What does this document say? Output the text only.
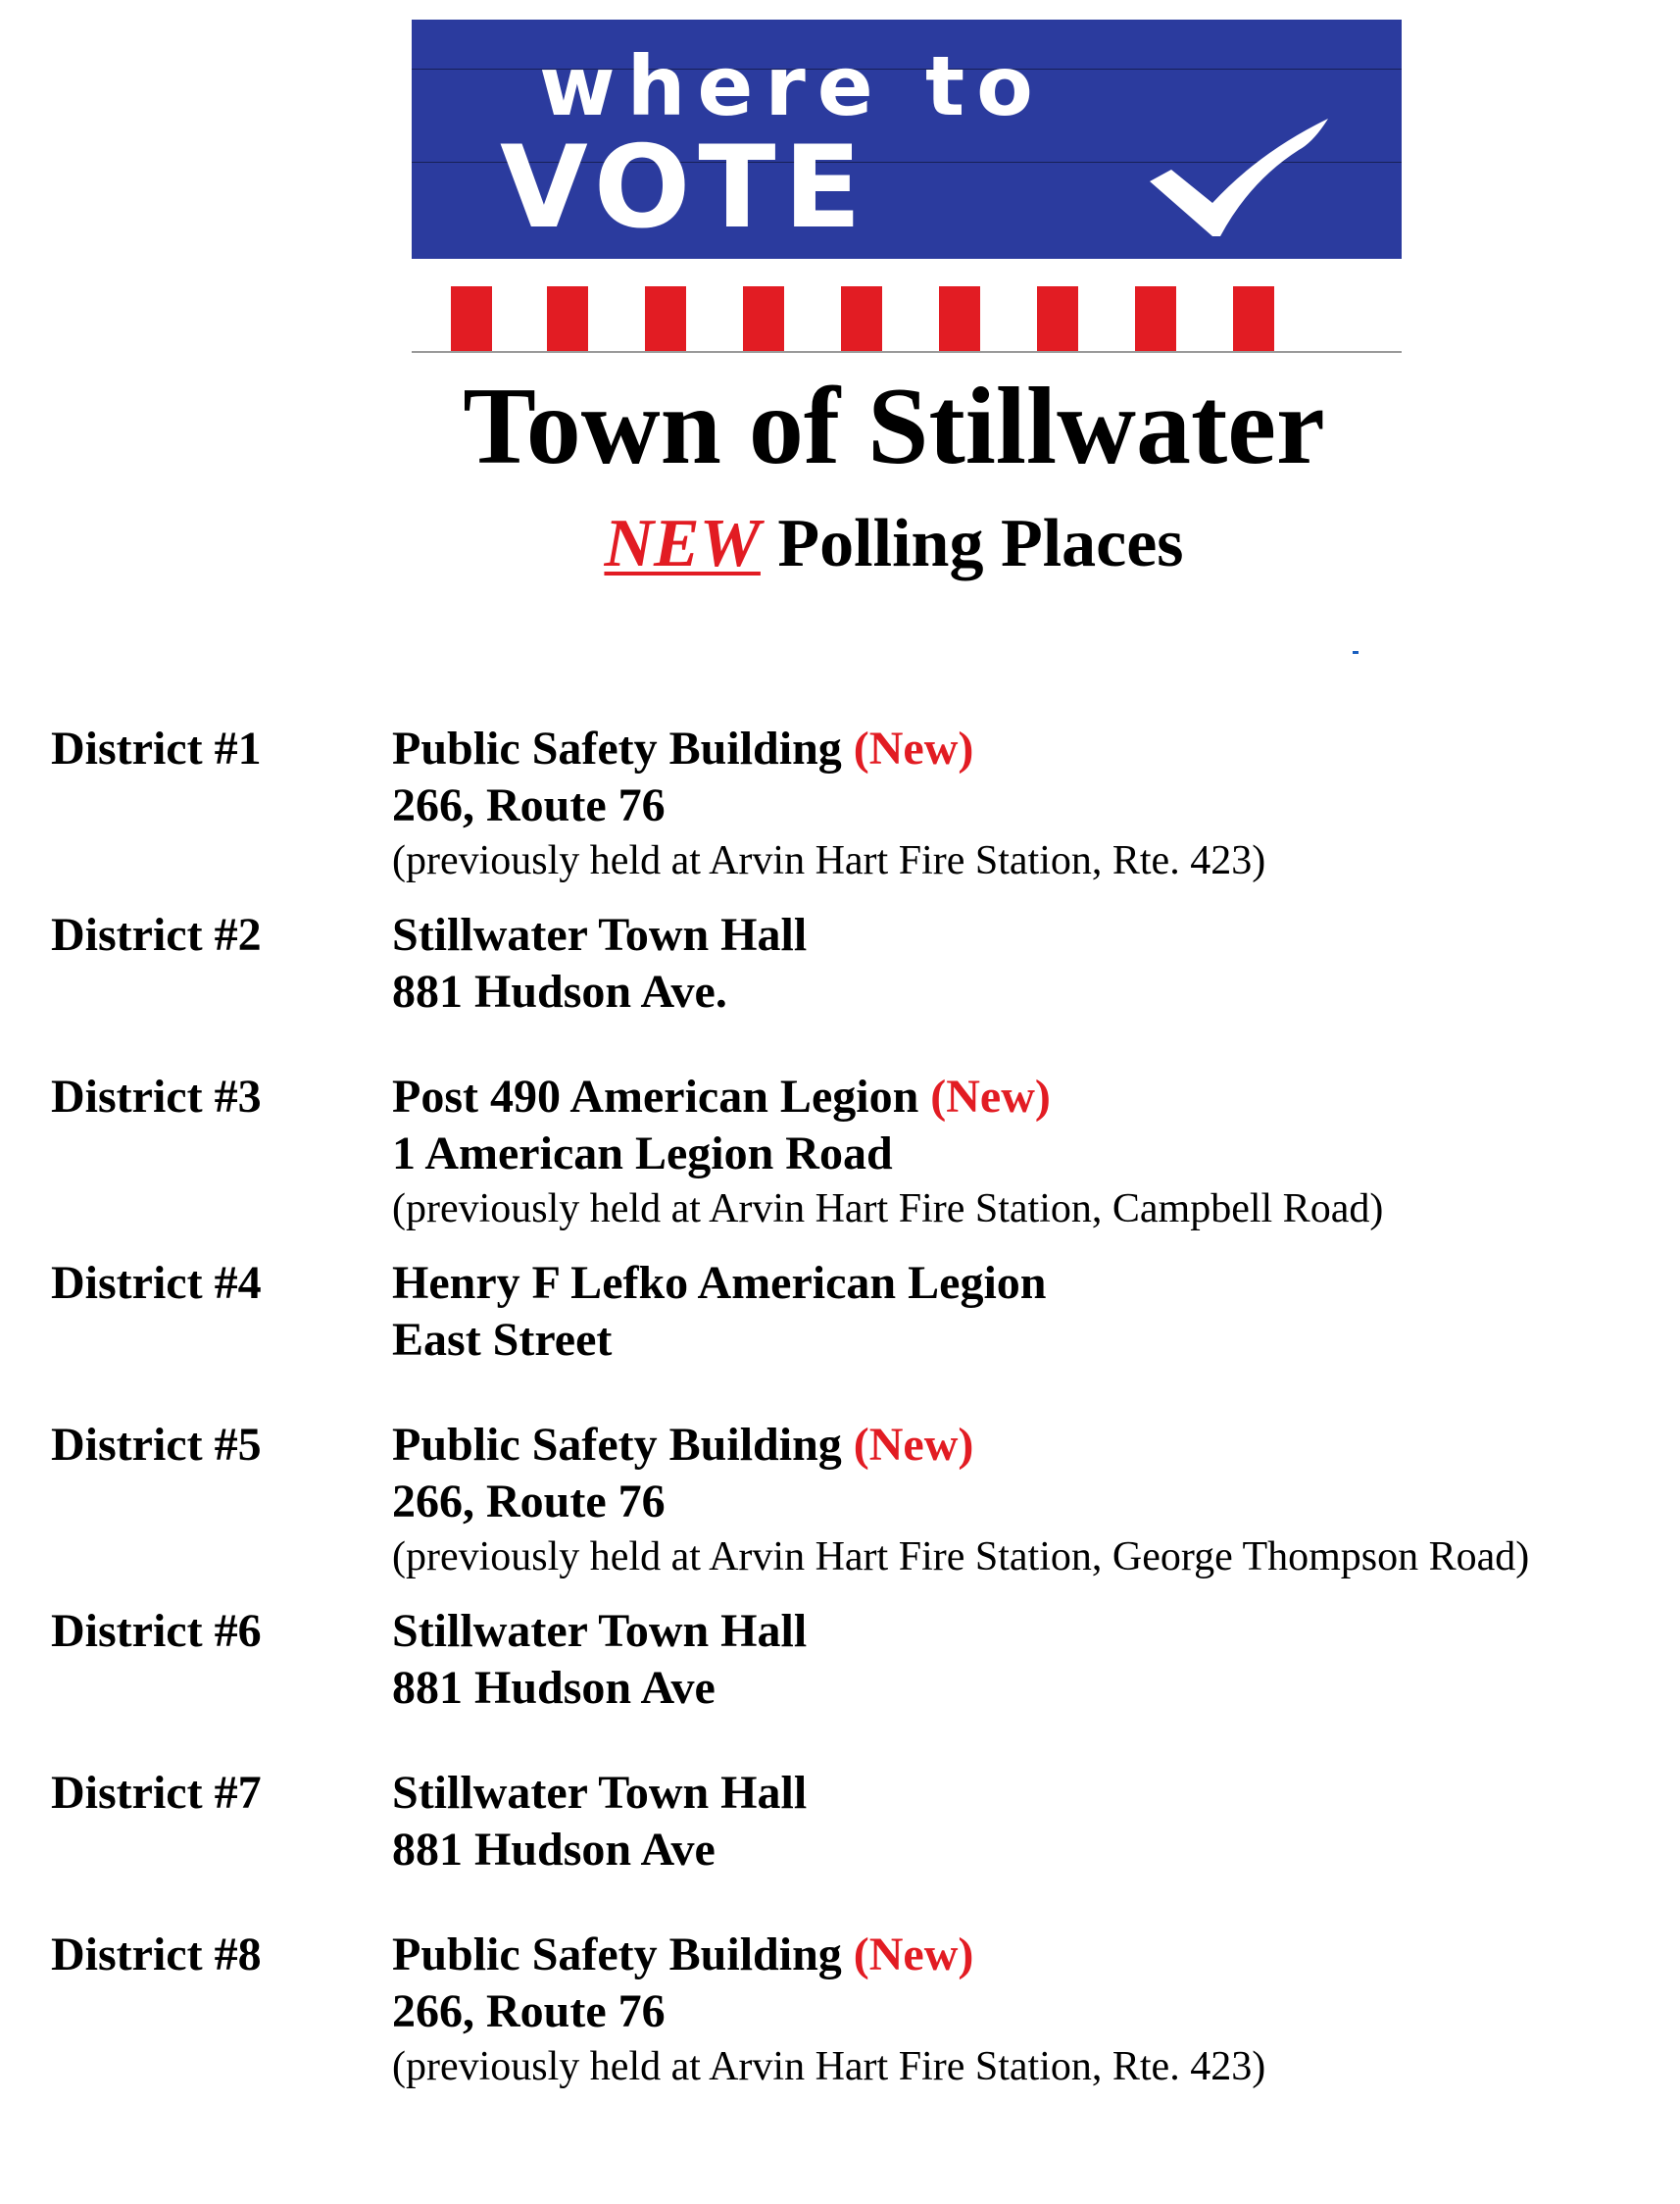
where to
VOTE
Town of Stillwater
NEW Polling Places
District #1	Public Safety Building (New)
266, Route 76
(previously held at Arvin Hart Fire Station, Rte. 423)
District #2	Stillwater Town Hall
881 Hudson Ave.
District #3	Post 490 American Legion (New)
1 American Legion Road
(previously held at Arvin Hart Fire Station, Campbell Road)
District #4	Henry F Lefko American Legion
East Street
District #5	Public Safety Building (New)
266, Route 76
(previously held at Arvin Hart Fire Station, George Thompson Road)
District #6	Stillwater Town Hall
881 Hudson Ave
District #7	Stillwater Town Hall
881 Hudson Ave
District #8	Public Safety Building (New)
266, Route 76
(previously held at Arvin Hart Fire Station, Rte. 423)
